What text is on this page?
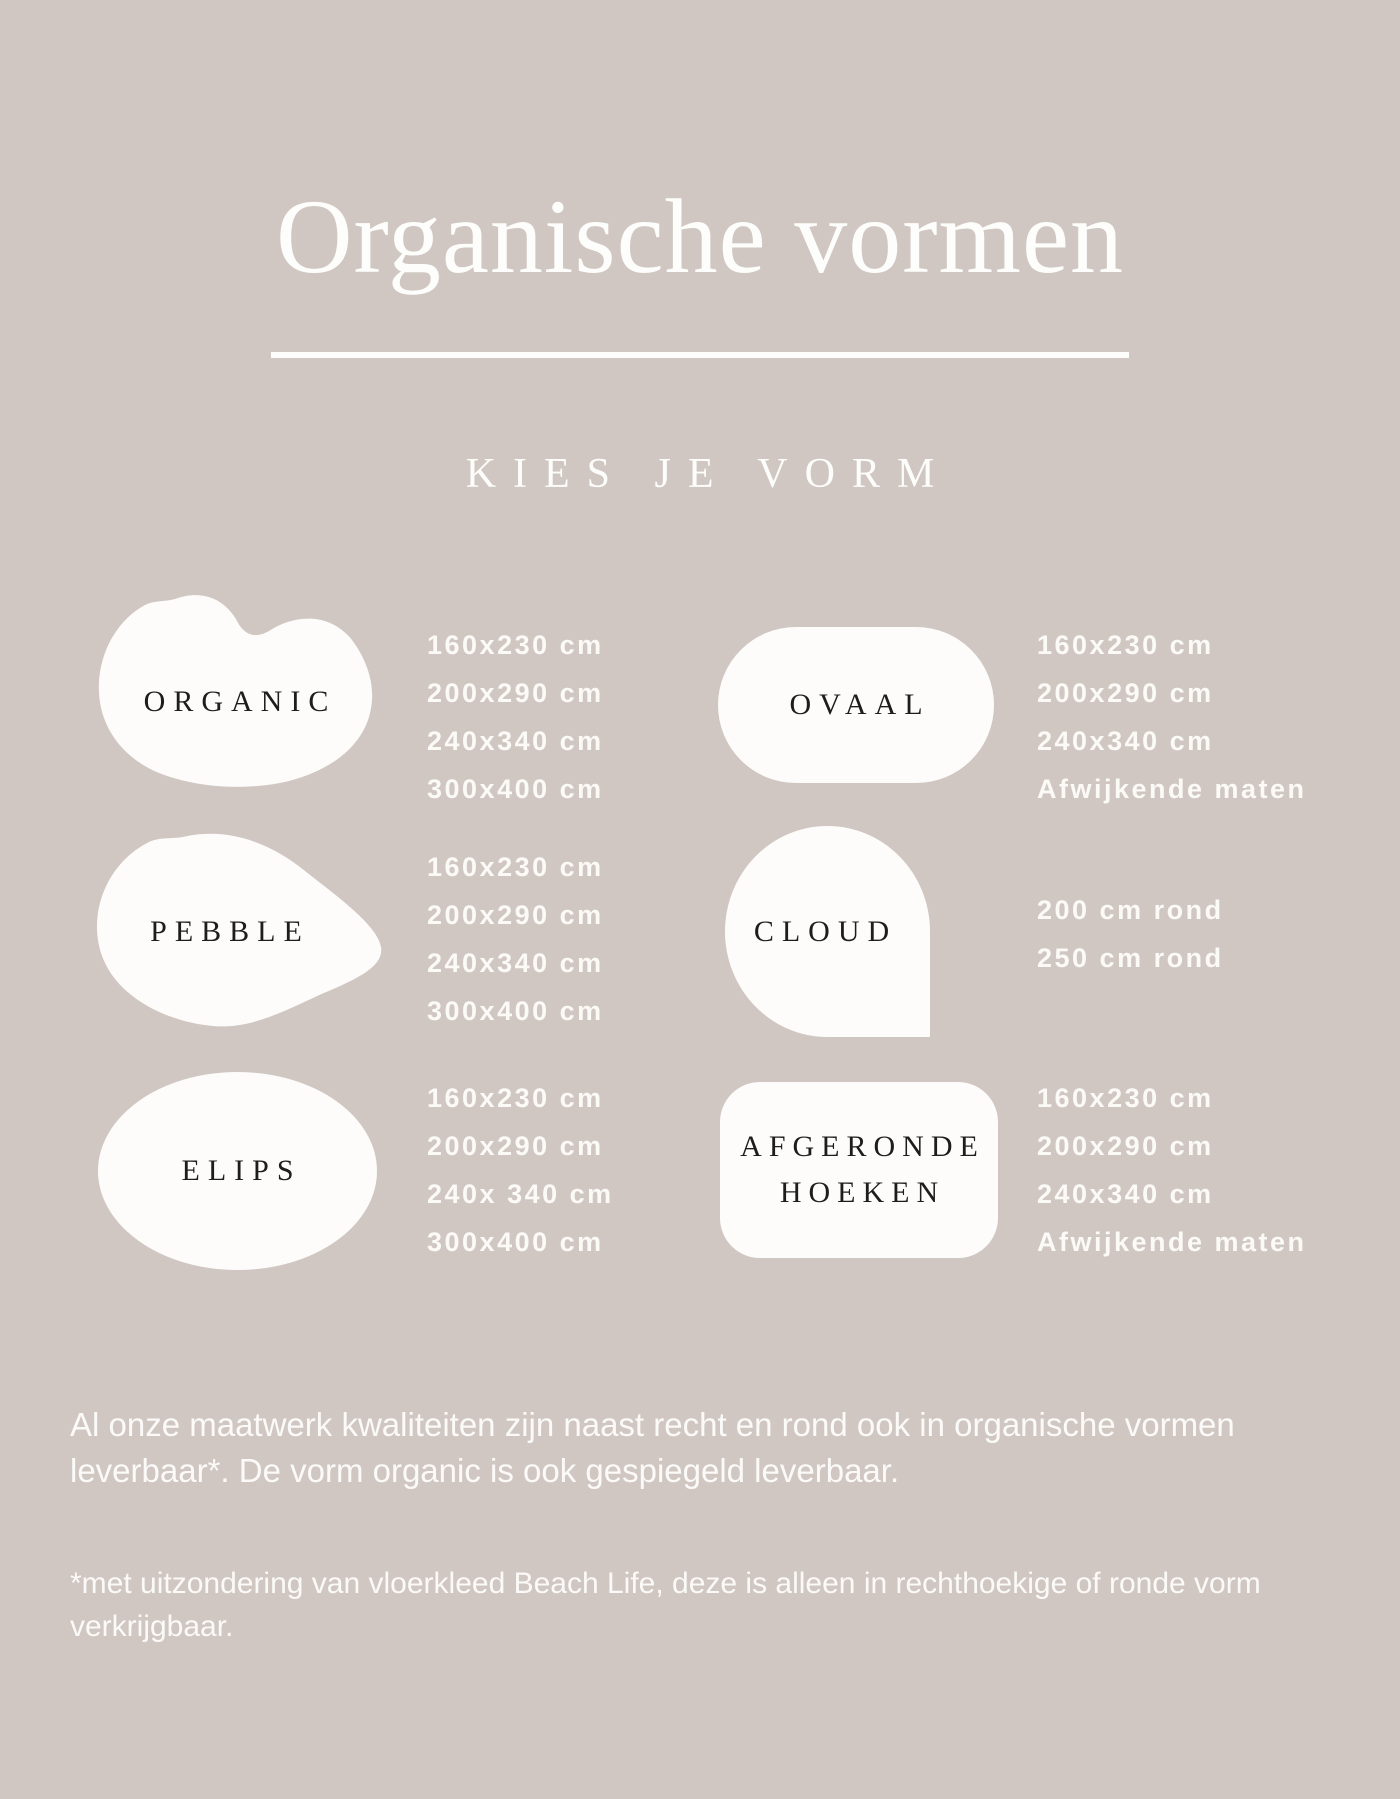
Organische vormen
KIES JE VORM
ORGANIC
160x230 cm
200x290 cm
240x340 cm
300x400 cm
OVAAL
160x230 cm
200x290 cm
240x340 cm
Afwijkende maten
PEBBLE
160x230 cm
200x290 cm
240x340 cm
300x400 cm
CLOUD
200 cm rond
250 cm rond
ELIPS
160x230 cm
200x290 cm
240x 340 cm
300x400 cm
AFGERONDE
HOEKEN
160x230 cm
200x290 cm
240x340 cm
Afwijkende maten
Al onze maatwerk kwaliteiten zijn naast recht en rond ook in organische vormen leverbaar*. De vorm organic is ook gespiegeld leverbaar.
*met uitzondering van vloerkleed Beach Life, deze is alleen in rechthoekige of ronde vorm verkrijgbaar.
